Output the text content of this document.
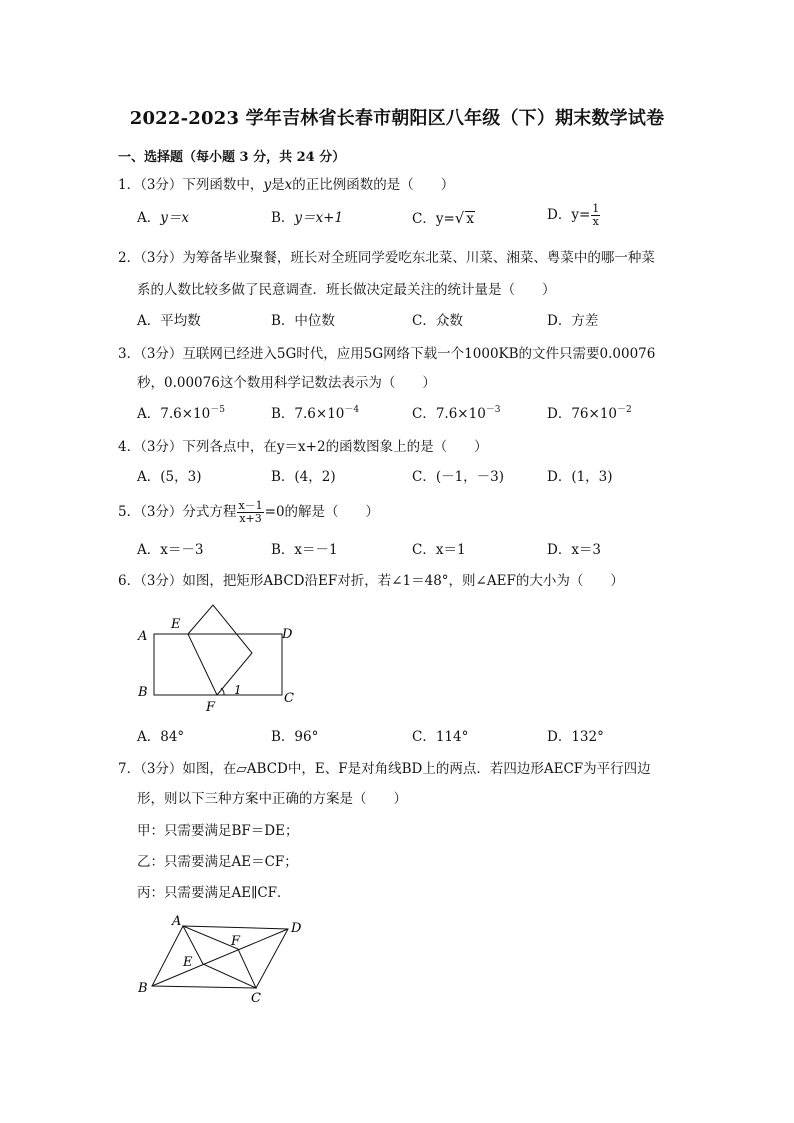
2022-2023 学年吉林省长春市朝阳区八年级（下）期末数学试卷
一、选择题（每小题 3 分，共 24 分）
1．（3分）下列函数中，y是x的正比例函数的是（　　）
A．y＝x	B．y＝x+1	C．y=√ x	D．$y= \frac{1}{x}$
2．（3分）为筹备毕业聚餐，班长对全班同学爱吃东北菜、川菜、湘菜、粤菜中的哪一种菜
系的人数比较多做了民意调查．班长做决定最关注的统计量是（　　）
A．平均数	B．中位数	C．众数	D．方差
3．（3分）互联网已经进入5G时代，应用5G网络下载一个1000KB的文件只需要0.00076
秒，0.00076这个数用科学记数法表示为（　　）
A．$7.6\times 10^{-5}$	B．$7.6\times 10^{-4}$	C．$7.6\times 10^{-3}$	D．$76\times 10^{-2}$
4．（3分）下列各点中，在y＝x+2的函数图象上的是（　　）
A．(5，3)	B．(4，2)	C．(－1，－3)	D．(1，3)
5．（3分）分式方程 $\frac{x-1}{x+3} =0$的解是（　　）
A．x＝－3	B．x＝－1	C．x＝1	D．x＝3
6．（3分）如图，把矩形ABCD沿EF对折，若∠1＝48°，则∠AEF的大小为（　　）
A
E
D
B
F
C
1
A．84°	B．96°	C．114°	D．132°
7．（3分）如图，在▱ABCD中，E、F是对角线BD上的两点．若四边形AECF为平行四边
形，则以下三种方案中正确的方案是（　　）
甲：只需要满足BF＝DE；
乙：只需要满足AE＝CF；
丙：只需要满足AE∥CF．
A	D
F
E
B
C
